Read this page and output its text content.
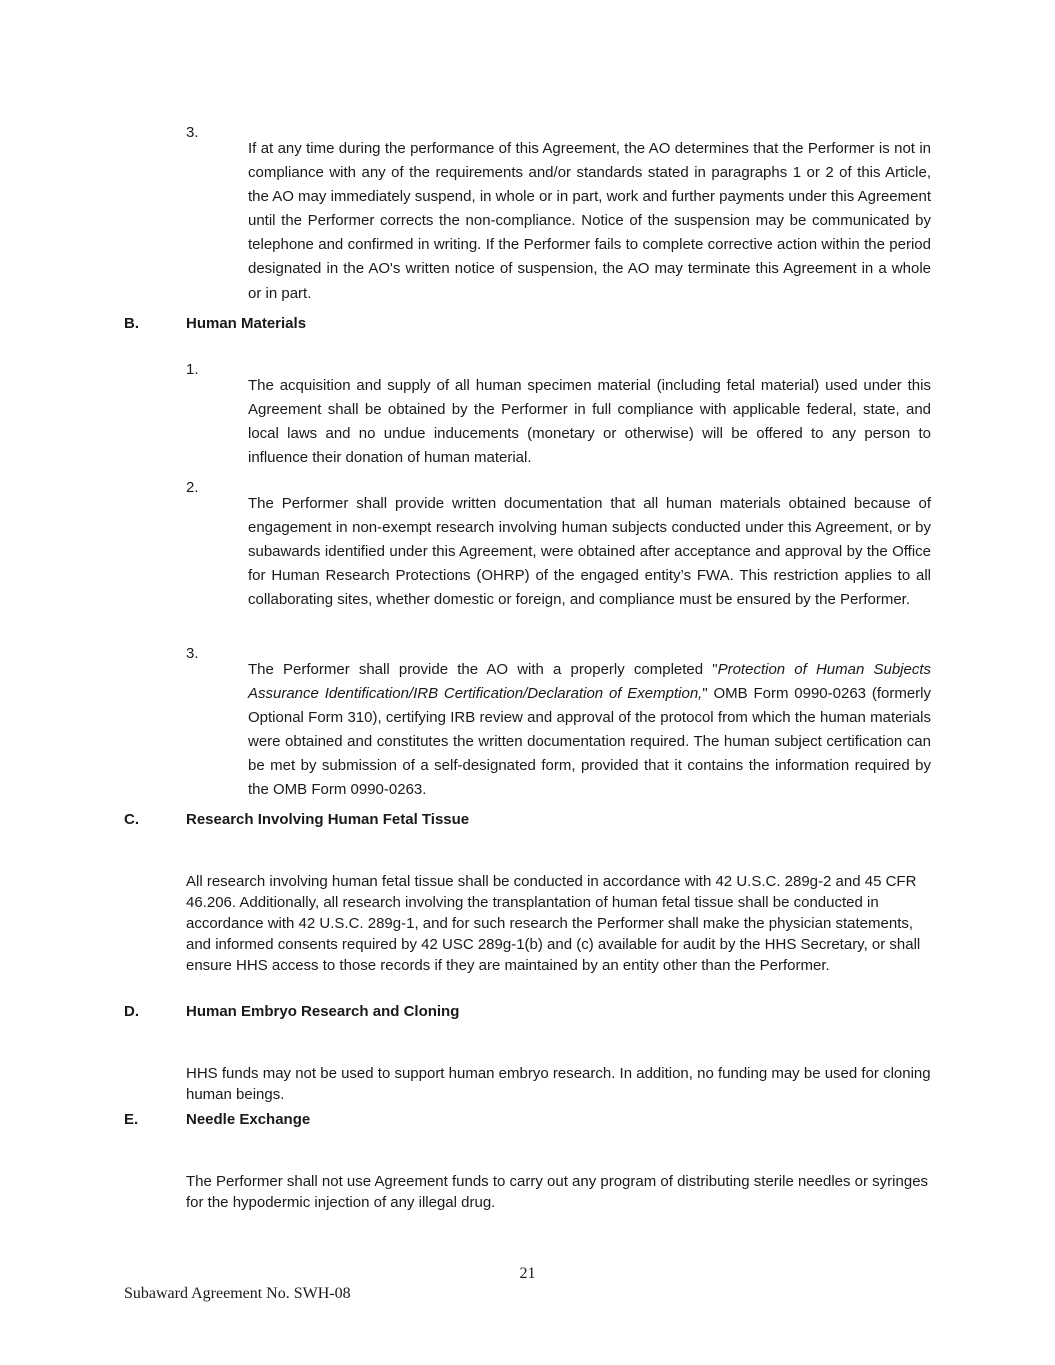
3.

If at any time during the performance of this Agreement, the AO determines that the Performer is not in compliance with any of the requirements and/or standards stated in paragraphs 1 or 2 of this Article, the AO may immediately suspend, in whole or in part, work and further payments under this Agreement until the Performer corrects the non-compliance. Notice of the suspension may be communicated by telephone and confirmed in writing. If the Performer fails to complete corrective action within the period designated in the AO's written notice of suspension, the AO may terminate this Agreement in a whole or in part.

B.	Human Materials
1.

The acquisition and supply of all human specimen material (including fetal material) used under this Agreement shall be obtained by the Performer in full compliance with applicable federal, state, and local laws and no undue inducements (monetary or otherwise) will be offered to any person to influence their donation of human material.

2.

The Performer shall provide written documentation that all human materials obtained because of engagement in non-exempt research involving human subjects conducted under this Agreement, or by subawards identified under this Agreement, were obtained after acceptance and approval by the Office for Human Research Protections (OHRP) of the engaged entity’s FWA. This restriction applies to all collaborating sites, whether domestic or foreign, and compliance must be ensured by the Performer.

3.

The Performer shall provide the AO with a properly completed "Protection of Human Subjects Assurance Identification/IRB Certification/Declaration of Exemption," OMB Form 0990-0263 (formerly Optional Form 310), certifying IRB review and approval of the protocol from which the human materials were obtained and constitutes the written documentation required. The human subject certification can be met by submission of a self-designated form, provided that it contains the information required by the OMB Form 0990-0263.

C.	Research Involving Human Fetal Tissue

All research involving human fetal tissue shall be conducted in accordance with 42 U.S.C. 289g-2 and 45 CFR 46.206. Additionally, all research involving the transplantation of human fetal tissue shall be conducted in accordance with 42 U.S.C. 289g-1, and for such research the Performer shall make the physician statements, and informed consents required by 42 USC 289g-1(b) and (c) available for audit by the HHS Secretary, or shall ensure HHS access to those records if they are maintained by an entity other than the Performer.

D.	Human Embryo Research and Cloning

HHS funds may not be used to support human embryo research. In addition, no funding may be used for cloning human beings.

E.	Needle Exchange

The Performer shall not use Agreement funds to carry out any program of distributing sterile needles or syringes for the hypodermic injection of any illegal drug.

21
Subaward Agreement No. SWH-08
